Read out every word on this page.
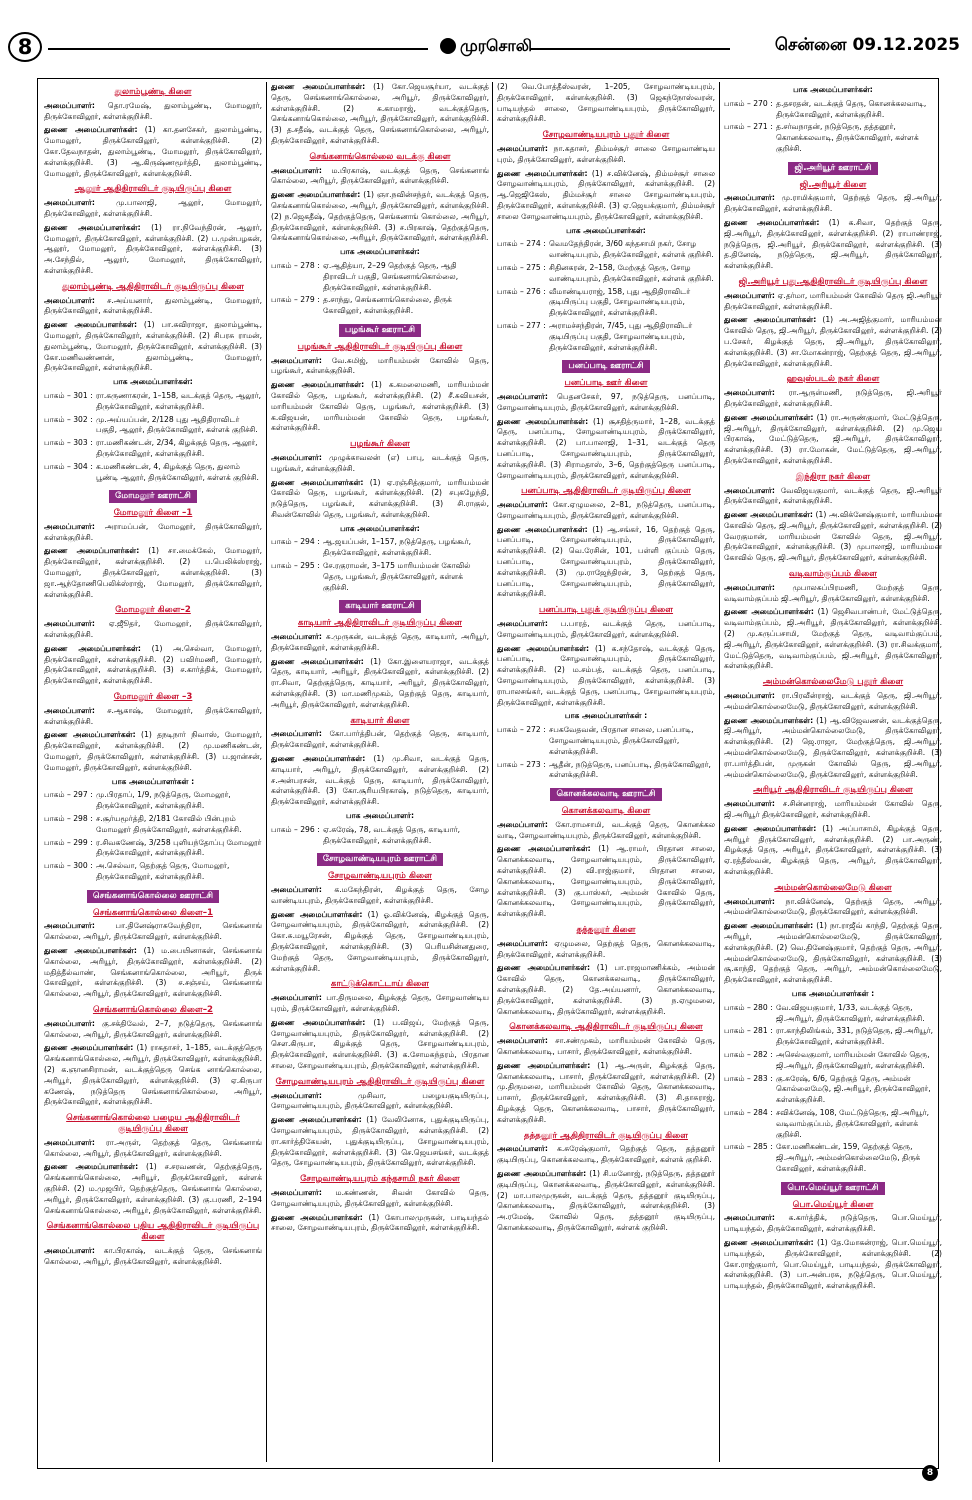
8	முரசொலி	சென்னை 09.12.2025
துலாம்பூண்டி கிளை
அமைப்பாளர்: தொ.ரமேஷ், துலாம்பூண்டி, மோமலூர், திருக்கோவிலூர், கள்ளக்குறிச்சி.
துணை அமைப்பாளர்கள்: (1) கா.தனசேகர், துலாம்பூண்டி, மோமலூர், திருக்கோவிலூர், கள்ளக்குறிச்சி. (2) கோ.தேவநாதன், துலாம்பூண்டி, மோமலூர், திருக்கோவிலூர், கள்ளக்குறிச்சி. (3) ஆ.கிருஷ்ணமூர்த்தி, துலாம்பூண்டி, மோமலூர், திருக்கோவிலூர், கள்ளக்குறிச்சி.
ஆலூர் ஆதிதிராவிடர் குடியிருப்பு கிளை
அமைப்பாளர்: மு.பாலாஜி, ஆலூர், மோமலூர், திருக்கோவிலூர், கள்ளக்குறிச்சி.
துணை அமைப்பாளர்கள்: (1) ரா.நிவேந்திரன், ஆலூர், மோமலூர், திருக்கோவிலூர், கள்ளக்குறிச்சி. (2) ப.முன்பழகன், ஆலூர், மோமலூர், திருக்கோவிலூர், கள்ளக்குறிச்சி. (3) அ.சேந்தில், ஆலூர், மோமலூர், திருக்கோவிலூர், கள்ளக்குறிச்சி.
துலாம்பூண்டி ஆதிதிராவிடர் குடியிருப்பு கிளை
அமைப்பாளர்: ச.அய்யனார், துலாம்பூண்டி, மோமலூர், திருக்கோவிலூர், கள்ளக்குறிச்சி.
துணை அமைப்பாளர்கள்: (1) பா.சுவிராஜா, துலாம்பூண்டி, மோமலூர், திருக்கோவிலூர், கள்ளக்குறிச்சி. (2) சிபரசு ராமன், துலாம்பூண்டி, மோமலூர், திருக்கோவிலூர், கள்ளக்குறிச்சி. (3) கோ.மணிவண்ணன், துலாம்பூண்டி, மோமலூர், திருக்கோவிலூர், கள்ளக்குறிச்சி.
பாக அமைப்பாளர்கள்:
பாகம் – 301 : ரா.கருணாகரன், 1–158, வடக்குத் தெரு, ஆலூர், திருக்கோவிலூர், கள்ளக்குறிச்சி.
பாகம் – 302 : மு.அய்யப்பன், 2/128 புது ஆதிதிராவிடர் பகுதி, ஆலூர், திருக்கோவிலூர், கள்ளக் குறிச்சி.
பாகம் – 303 : ரா.மணிகண்டன், 2/34, கிழக்குத் தெரு, ஆலூர், திருக்கோவிலூர், கள்ளக்குறிச்சி.
பாகம் – 304 : க.மணிகண்டன், 4, கிழக்குத் தெரு, துலாம் பூண்டி ஆலூர், திருக்கோவிலூர், கள்ளக் குறிச்சி.
மோமலூர் ஊராட்சி
மோமலூர் கிளை –1
அமைப்பாளர்: அராமப்பன், மோமலூர், திருக்கோவிலூர், கள்ளக்குறிச்சி.
துணை அமைப்பாளர்கள்: (1) சா.மைக்கேல், மோமலூர், திருக்கோவிலூர், கள்ளக்குறிச்சி. (2) ப.பெலிக்ஸ்ராஜ், மோமலூர், திருக்கோவிலூர், கள்ளக்குறிச்சி. (3) ஜா.ஆந்தோணிபெலிக்ஸ்ராஜ், மோமலூர், திருக்கோவிலூர், கள்ளக்குறிச்சி.
மோமலூர் கிளை–2
அமைப்பாளர்: ஏ.ஜூீதர், மோமலூர், திருக்கோவிலூர், கள்ளக்குறிச்சி.
துணை அமைப்பாளர்கள்: (1) அ.செல்வா, மோமலூர், திருக்கோவிலூர், கள்ளக்குறிச்சி. (2) பவிர்மணி, மோமலூர், திருக்கோவிலூர், கள்ளக்குறிச்சி. (3) ச.கார்த்திக், மோமலூர், திருக்கோவிலூர், கள்ளக்குறிச்சி.
மோமலூர் கிளை –3
அமைப்பாளர்: ச.ஆகாஷ், மோமலூர், திருக்கோவிலூர், கள்ளக்குறிச்சி.
துணை அமைப்பாளர்கள்: (1) தநடிநார் நிவாஸ், மோமலூர், திருக்கோவிலூர், கள்ளக்குறிச்சி. (2) மு.மணிகண்டன், மோமலூர், திருக்கோவிலூர், கள்ளக்குறிச்சி. (3) ப.ஜான்சன், மோமலூர், திருக்கோவிலூர், கள்ளக்குறிச்சி.
பாக அமைப்பாளர்கள் :
பாகம் – 297 : மு.பிரதாப், 1/9, நடுத்தெரு, மோமலூர், திருக்கோவிலூர், கள்ளக்குறிச்சி.
பாகம் – 298 : ச.சூர்யமூர்த்தி, 2/181 கோவில் பின்புறம் மோமலூர் திருக்கோவிலூர், கள்ளக்குறிச்சி.
பாகம் – 299 : ர.சிவகணேஷ், 3/258 புளியந்தோப்பு மோமலூர் திருக்கோவிலூர், கள்ளக்குறிச்சி.
பாகம் – 300 : அ.செல்வா, தெற்குத் தெரு, மோமலூர், திருக்கோவிலூர், கள்ளக்குறிச்சி.
செங்கனாங்கொல்லை ஊராட்சி
செங்கனாங்கொல்லை கிளை–1
அமைப்பாளர்: பா.தினேஷ்ராசுவேந்திரா, செங்கனாங் கொல்லை, அரியூர், திருக்கோவிலூர், கள்ளக்குறிச்சி.
துணை அமைப்பாளர்கள்: (1) ம.பையினாகள், செங்கனாங் கொல்லை, அரியூர், திருக்கோவிலூர், கள்ளக்குறிச்சி. (2) மதித்தீல்வாண், செங்கனாங்கொல்லை, அரியூர், திருக் கோவிலூர், கள்ளக்குறிச்சி. (3) ச.சஞ்சய், செங்கனாங் கொல்லை, அரியூர், திருக்கோவிலூர், கள்ளக்குறிச்சி.
செங்கனாங்கொல்லை கிளை–2
அமைப்பாளர்: கு.சக்திவேல், 2–7, நடுத்தெரு, செங்கனாங் கொல்லை, அரியூர், திருக்கோவிலூர், கள்ளக்குறிச்சி.
துணை அமைப்பாளர்கள்: (1) ராகதாசர், 1–185, வடக்குத்தெரு செங்கனாங்கொல்லை, அரியூர், திருக்கோவிலூர், கள்ளக்குறிச்சி. (2) க.ஞானசிராமன், வடக்குத்தெரு செங்க னாங்கொல்லை, அரியூர், திருக்கோவிலூர், கள்ளக்குறிச்சி. (3) ஏ.கிருபா கணேஷ், நடுத்தெரு செங்கனாங்கொல்லை, அரியூர், திருக்கோவிலூர், கள்ளக்குறிச்சி.
செங்கனாங்கொல்லை பழைய ஆதிதிராவிடர் குடியிருப்பு கிளை
அமைப்பாளர்: ரா.அருள், தெற்குத் தெரு, செங்கனாங் கொல்லை, அரியூர், திருக்கோவிலூர், கள்ளக்குறிச்சி.
துணை அமைப்பாளர்கள்: (1) ச.சரவணன், தெற்குத்தெரு, செங்கனாங்கொல்லை, அரியூர், திருக்கோவிலூர், கள்ளக் குறிச்சி. (2) ம.முஜபிர், தெற்குத்தெரு, செங்கனாங் கொல்லை, அரியூர், திருக்கோவிலூர், கள்ளக்குறிச்சி. (3) கு.பரணி, 2–194 செங்கனாங்கொல்லை, அரியூர், திருக்கோவிலூர், கள்ளக்குறிச்சி.
செங்கனாங்கொல்லை புதிய ஆதிதிராவிடர் குடியிருப்பு கிளை
அமைப்பாளர்: கா.பிரகாஷ், வடக்குத் தெரு, செங்கனாங் கொல்லை, அரியூர், திருக்கோவிலூர், கள்ளக்குறிச்சி.
துணை அமைப்பாளர்கள்: (1) கோ.ஜெயசூர்யா, வடக்குத் தெரு, செங்கனாங்கொல்லை, அரியூர், திருக்கோவிலூர், கள்ளக்குறிச்சி. (2) சு.காமராஜ், வடக்குத்தெரு, செங்கனாங்கொல்லை, அரியூர், திருக்கோவிலூர், கள்ளக்குறிச்சி. (3) த.சதீஷ், வடக்குத் தெரு, செங்கனாங்கொல்லை, அரியூர், திருக்கோவிலூர், கள்ளக்குறிச்சி.
செங்கனாங்கொல்லை வடக்கு கிளை
அமைப்பாளர்: ம.பிரகாஷ், வடக்குத் தெரு, செங்கனாங் கொல்லை, அரியூர், திருக்கோவிலூர், கள்ளக்குறிச்சி.
துணை அமைப்பாளர்கள்: (1) ஞா.நவின்சந்தர், வடக்குத் தெரு, செங்கனாங்கொல்லை, அரியூர், திருக்கோவிலூர், கள்ளக்குறிச்சி. (2) ந.ஜெகதீஷ், தெற்குத்தெரு, செங்கனாங் கொல்லை, அரியூர், திருக்கோவிலூர், கள்ளக்குறிச்சி. (3) ச.பிரகாஷ், தெற்குத்தெரு, செங்கனாங்கொல்லை, அரியூர், திருக்கோவிலூர், கள்ளக்குறிச்சி.
பாக அமைப்பாளர்கள்:
பாகம் – 278 : ஏ.ஆதித்யா, 2–29 தெற்குத் தெரு, ஆதி திராவிடர் பகுதி, செங்கனாங்கொல்லை, திருக்கோவிலூர், கள்ளக்குறிச்சி.
பாகம் – 279 : த.சாந்து, செங்கனாங்கொல்லை, திருக் கோவிலூர், கள்ளக்குறிச்சி.
பழங்கூர் ஊராட்சி
பழங்கூர் ஆதிதிராவிடர் குடியிருப்பு கிளை
அமைப்பாளர்: வே.சுமிஜ், மாரியம்மன் கோவில் தெரு, பழங்கூர், கள்ளக்குறிச்சி.
துணை அமைப்பாளர்கள்: (1) க.கமலைமணி, மாரியம்மன் கோவில் தெரு, பழங்கூர், கள்ளக்குறிச்சி. (2) சீ.சுவியசன், மாரியம்மன் கோவில் தெரு, பழங்கூர், கள்ளக்குறிச்சி. (3) க.விஜயன், மாரியம்மன் கோவில் தெரு, பழங்கூர், கள்ளக்குறிச்சி.
பழங்கூர் கிளை
அமைப்பாளர்: முழுக்காவலன் (எ) பாபு, வடக்குத் தெரு, பழங்கூர், கள்ளக்குறிச்சி.
துணை அமைப்பாளர்கள்: (1) ஏ.ரஞ்சித்குமார், மாரியம்மன் கோவில் தெரு, பழங்கூர், கள்ளக்குறிச்சி. (2) சபுகழேந்தி, நடுத்தெரு, பழங்கூர், கள்ளக்குறிச்சி. (3) சி.ராகுல், சிவன்கோவில் தெரு, பழங்கூர், கள்ளக்குறிச்சி.
பாக அமைப்பாளர்கள்:
பாகம் – 294 : ஆ.ஜயப்பன், 1–157, நடுத்தெரு, பழங்கூர், திருக்கோவிலூர், கள்ளக்குறிச்சி.
பாகம் – 295 : சே.ரகுராமன், 3–175 மாரியம்மன் கோவில் தெரு, பழங்கூர், திருக்கோவிலூர், கள்ளக் குறிச்சி.
காடியார் ஊராட்சி
காடியார் ஆதிதிராவிடர் குடியிருப்பு கிளை
அமைப்பாளர்: சு.முருகன், வடக்குத் தெரு, காடியார், அரியூர், திருக்கோவிலூர், கள்ளக்குறிச்சி.
துணை அமைப்பாளர்கள்: (1) கோ.இளையராஜா, வடக்குத் தெரு, காடியார், அரியூர், திருக்கோவிலூர், கள்ளக்குறிச்சி. (2) ரா.சிவா, தெற்குத்தெரு, காடியார், அரியூர், திருக்கோவிலூர், கள்ளக்குறிச்சி. (3) மா.மணிமுகம், தெற்குத் தெரு, காடியார், அரியூர், திருக்கோவிலூர், கள்ளக்குறிச்சி.
காடியார் கிளை
அமைப்பாளர்: கோ.பார்த்திபன், தெற்குத் தெரு, காடியார், திருக்கோவிலூர், கள்ளக்குறிச்சி.
துணை அமைப்பாளர்கள்: (1) மு.சிவா, வடக்குத் தெரு, காடியார், அரியூர், திருக்கோவிலூர், கள்ளக்குறிச்சி. (2) ச.அன்பரசன், வடக்குத் தெரு, காடியார், திருக்கோவிலூர், கள்ளக்குறிச்சி. (3) கோ.சூரியபிரகாஷ், நடுத்தெரு, காடியார், திருக்கோவிலூர், கள்ளக்குறிச்சி.
பாக அமைப்பாளர்:
பாகம் – 296 : ஏ.சுரேஷ், 78, வடக்குத் தெரு, காடியார், திருக்கோவிலூர், கள்ளக்குறிச்சி.
சோழவாண்டியபுரம் ஊராட்சி
சோழவாண்டியபுரம் கிளை
அமைப்பாளர்: க.மகேந்திரன், கிழக்குத் தெரு, சோழ வாண்டியபுரம், திருக்கோவிலூர், கள்ளக்குறிச்சி.
துணை அமைப்பாளர்கள்: (1) ஓ.விக்னேஷ், கிழக்குத் தெரு, சோழவாண்டியபுரம், திருக்கோவிலூர், கள்ளக்குறிச்சி. (2) கோ.சு.மயூரேசன், கிழக்குத் தெரு, சோழவாண்டியபுரம், திருக்கோவிலூர், கள்ளக்குறிச்சி. (3) பெரியசின்னதுரை, மேற்குத் தெரு, சோழவாண்டியபுரம், திருக்கோவிலூர், கள்ளக்குறிச்சி.
காட்டுக்கொட்டாய் கிளை
அமைப்பாளர்: பா.திருமலை, கிழக்குத் தெரு, சோழவாண்டிய புரம், திருக்கோவிலூர், கள்ளக்குறிச்சி.
துணை அமைப்பாளர்கள்: (1) ப.விஜய், மேற்குத் தெரு, சோழவாண்டியபுரம், திருக்கோவிலூர், கள்ளக்குறிச்சி. (2) செள.கிருபா, கிழக்குத் தெரு, சோழவாண்டியபுரம், திருக்கோவிலூர், கள்ளக்குறிச்சி. (3) க.சோமசுந்தரம், பிரதான சாலை, சோழவாண்டியபுரம், திருக்கோவிலூர், கள்ளக்குறிச்சி.
சோழவாண்டியபுரம் ஆதிதிராவிடர் குடியிருப்பு கிளை
அமைப்பாளர்: முசிவா, பழையகுடியிருப்பு, சோழவாண்டியபுரம், திருக்கோவிலூர், கள்ளக்குறிச்சி.
துணை அமைப்பாளர்கள்: (1) வேலினோசு, புதுக்குடியிருப்பு, சோழவாண்டியபுரம், திருக்கோவிலூர், கள்ளக்குறிச்சி. (2) ரா.கார்த்திகேயன், புதுக்குடியிருப்பு, சோழவாண்டியபுரம், திருக்கோவிலூர், கள்ளக்குறிச்சி. (3) செ.ஜெயசங்கர், வடக்குத் தெரு, சோழவாண்டியபுரம், திருக்கோவிலூர், கள்ளக்குறிச்சி.
சோழவாண்டியபுரம் கந்தசாமி நகர் கிளை
அமைப்பாளர்: ம.கண்ணன், சிவன் கோவில் தெரு, சோழவாண்டியபுரம், திருக்கோவிலூர், கள்ளக்குறிச்சி.
துணை அமைப்பாளர்கள்: (1) கோபாலமுருகன், பாடியந்தல் சாலை, சோழவாண்டியபுரம், திருக்கோவிலூர், கள்ளக்குறிச்சி.
(2) வெ.போத்தீஸ்வரன், 1–205, சோழவாண்டியபுரம், திருக்கோவிலூர், கள்ளக்குறிச்சி. (3) ஜெகந்நோஸ்வரன், பாடியந்தல் சாலை, சோழவாண்டியபுரம், திருக்கோவிலூர், கள்ளக்குறிச்சி.
சோழவாண்டியபுரம் புதூர் கிளை
அமைப்பாளர்: நா.கதாசர், திம்மச்சூர் சாலை சோழவாண்டிய புரம், திருக்கோவிலூர், கள்ளக்குறிச்சி.
துணை அமைப்பாளர்கள்: (1) ச.விக்னேஷ், திம்மச்சூர் சாலை சோழவாண்டியபுரம், திருக்கோவிலூர், கள்ளக்குறிச்சி. (2) ஆ.ஜெஜிகேஸ், திம்மச்சூர் சாலை சோழவாண்டியபுரம், திருக்கோவிலூர், கள்ளக்குறிச்சி. (3) ஏ.ஜெயக்குமார், திம்மச்சூர் சாலை சோழவாண்டியபுரம், திருக்கோவிலூர், கள்ளக்குறிச்சி.
பாக அமைப்பாளர்கள்:
பாகம் – 274 : வெமதேந்திரன், 3/60 கந்தசாமி நகர், சோழ வாண்டியபுரம், திருக்கோவிலூர், கள்ளக் குறிச்சி.
பாகம் – 275 : சிதினகரன், 2–158, மேற்குத் தெரு, சோழ வாண்டியபுரம், திருக்கோவிலூர், கள்ளக் குறிச்சி.
பாகம் – 276 : வீமாண்டியராஜ், 158, புது ஆதிதிராவிடர் குடியிருப்பு பகுதி, சோழவாண்டியபுரம், திருக்கோவிலூர், கள்ளக்குறிச்சி.
பாகம் – 277 : அராமச்சந்திரன், 7/45, புது ஆதிதிராவிடர் குடியிருப்பு பகுதி, சோழவாண்டியபுரம், திருக்கோவிலூர், கள்ளக்குறிச்சி.
பனப்பாடி ஊராட்சி
பனப்பாடி ஊர் கிளை
அமைப்பாளர்: பெதனசேகர், 97, நடுத்தெரு, பனப்பாடி, சோழவாண்டியபுரம், திருக்கோவிலூர், கள்ளக்குறிச்சி.
துணை அமைப்பாளர்கள்: (1) சூசதித்ருமார், 1–28, வடக்குத் தெரு, பனப்பாடி, சோழவாண்டியபுரம், திருக்கோவிலூர், கள்ளக்குறிச்சி. (2) பா.பாலாஜி, 1–31, வடக்குத் தெரு பனப்பாடி, சோழவாண்டியபுரம், திருக்கோவிலூர், கள்ளக்குறிச்சி. (3) சிராமதாஸ், 3–6, தெற்குத்தெரு பனப்பாடி, சோழவாண்டியபுரம், திருக்கோவிலூர், கள்ளக்குறிச்சி.
பனப்பாடி ஆதிதிராவிடர் குடியிருப்பு கிளை
அமைப்பாளர்: கோ.ஏழுமலை, 2–81, நடுத்தெரு, பனப்பாடி, சோழவாண்டியபுரம், திருக்கோவிலூர், கள்ளக்குறிச்சி.
துணை அமைப்பாளர்கள்: (1) ஆ.சங்கர், 16, தெற்குத் தெரு, பனப்பாடி, சோழவாண்டியபுரம், திருக்கோவிலூர், கள்ளக்குறிச்சி. (2) வெ.ரேசின், 101, பள்ளி குப்பம் தெரு, பனப்பாடி, சோழவாண்டியபுரம், திருக்கோவிலூர், கள்ளக்குறிச்சி. (3) மு.ராஜேந்திரன், 3, தெற்குத் தெரு, பனப்பாடி, சோழவாண்டியபுரம், திருக்கோவிலூர், கள்ளக்குறிச்சி.
பனப்பாடி புதுக் குடியிருப்பு கிளை
அமைப்பாளர்: ப.பாரத், வடக்குத் தெரு, பனப்பாடி, சோழவாண்டியபுரம், திருக்கோவிலூர், கள்ளக்குறிச்சி.
துணை அமைப்பாளர்கள்: (1) க.சந்தோஷ், வடக்குத் தெரு, பனப்பாடி, சோழவாண்டியபுரம், திருக்கோவிலூர், கள்ளக்குறிச்சி. (2) ம.சம்பத், வடக்குத் தெரு, பனப்பாடி, சோழவாண்டியபுரம், திருக்கோவிலூர், கள்ளக்குறிச்சி. (3) ராபாலசங்கர், வடக்குத் தெரு, பனப்பாடி, சோழவாண்டியபுரம், திருக்கோவிலூர், கள்ளக்குறிச்சி.
பாக அமைப்பாளர்கள் :
பாகம் – 272 : சபகவேதவன், பிரதான சாலை, பனப்பாடி, சோழவாண்டியபுரம், திருக்கோவிலூர், கள்ளக்குறிச்சி.
பாகம் – 273 : ஆதீன், நடுத்தெரு, பனப்பாடி, திருக்கோவிலூர், கள்ளக்குறிச்சி.
கொனக்கலவாடி ஊராட்சி
கொனக்கலவாடி கிளை
அமைப்பாளர்: கோ.ராமசாமி, வடக்குத் தெரு, கொனக்கல வாடி, சோழவாண்டியபுரம், திருக்கோவிலூர், கள்ளக்குறிச்சி.
துணை அமைப்பாளர்கள்: (1) ஆ.ராமர், பிரதான சாலை, கொனக்கலவாடி, சோழவாண்டியபுரம், திருக்கோவிலூர், கள்ளக்குறிச்சி. (2) வி.ராஜ்குமார், பிரதான சாலை, கொனக்கலவாடி, சோழவாண்டியபுரம், திருக்கோவிலூர், கள்ளக்குறிச்சி. (3) கு.பாஸ்கர், அம்மன் கோவில் தெரு, கொனக்கலவாடி, சோழவாண்டியபுரம், திருக்கோவிலூர், கள்ளக்குறிச்சி.
தத்தனூர் கிளை
அமைப்பாளர்: ஏழுமலை, தெற்குத் தெரு, கொனக்கலவாடி, திருக்கோவிலூர், கள்ளக்குறிச்சி.
துணை அமைப்பாளர்கள்: (1) பா.ராஜமாணிக்கம், அம்மன் கோவில் தெரு, கொனக்கலவாடி, திருக்கோவிலூர், கள்ளக்குறிச்சி. (2) தே.அய்யனார், கொனக்கலவாடி, திருக்கோவிலூர், கள்ளக்குறிச்சி. (3) ந.ஏழுமலை, கொனக்கலவாடி, திருக்கோவிலூர், கள்ளக்குறிச்சி.
கொனக்கலவாடி ஆதிதிராவிடர் குடியிருப்பு கிளை
அமைப்பாளர்: சா.சண்முகம், மாரியம்மன் கோவில் தெரு, கொனக்கலவாடி, பாசார், திருக்கோவிலூர், கள்ளக்குறிச்சி.
துணை அமைப்பாளர்கள்: (1) ஆ.அருள், கிழக்குத் தெரு, கொனக்கலவாடி, பாசார், திருக்கோவிலூர், கள்ளக்குறிச்சி. (2) மு.திருமலை, மாரியம்மன் கோவில் தெரு, கொனக்கலவாடி, பாசார், திருக்கோவிலூர், கள்ளக்குறிச்சி. (3) சி.தாசுராஜ், கிழக்குத் தெரு, கொனக்கலவாடி, பாசார், திருக்கோவிலூர், கள்ளக்குறிச்சி.
தத்தனூர் ஆதிதிராவிடர் குடியிருப்பு கிளை
அமைப்பாளர்: க.சுரேஷ்குமார், தெற்குத் தெரு, தத்தனூர் குடியிருப்பு, கொனக்கலவாடி, திருக்கோவிலூர், கள்ளக் குறிச்சி.
துணை அமைப்பாளர்கள்: (1) சி.மனோஜ், நடுத்தெரு, தத்தனூர் குடியிருப்பு, கொனக்கலவாடி, திருக்கோவிலூர், கள்ளக்குறிச்சி. (2) மா.பாலமுருகன், வடக்குத் தெரு, தத்தனூர் குடியிருப்பு, கொனக்கலவாடி, திருக்கோவிலூர், கள்ளக்குறிச்சி. (3) அ.ரமேஷ், கோவில் தெரு, தத்தனூர் குடியிருப்பு, கொனக்கலவாடி, திருக்கோவிலூர், கள்ளக் குறிச்சி.
பாக அமைப்பாளர்கள்:
பாகம் – 270 : த.தசரதன், வடக்குத் தெரு, கொனக்கலவாடி, திருக்கோவிலூர், கள்ளக்குறிச்சி.
பாகம் – 271 : த.சர்வநாதன், நடுத்தெரு, தத்தனூர், கொனக்கலவாடி, திருக்கோவிலூர், கள்ளக் குறிச்சி.
ஜி.அரியூர் ஊராட்சி
ஜி.அரியூர் கிளை
அமைப்பாளர்: மு.ராமிக்குமார், தெற்குத் தெரு, ஜி.அரியூர், திருக்கோவிலூர், கள்ளக்குறிச்சி.
துணை அமைப்பாளர்கள்: (1) க.சிவா, தெற்குத் தெரு, ஜி.அரியூர், திருக்கோவிலூர், கள்ளக்குறிச்சி. (2) ராபாண்ராஜ், நடுத்தெரு, ஜி.அரியூர், திருக்கோவிலூர், கள்ளக்குறிச்சி. (3) த.தினேஷ், நடுத்தெரு, ஜி.அரியூர், திருக்கோவிலூர், கள்ளக்குறிச்சி.
ஜி.அரியூர் புது.ஆதிதிராவிடர் குடியிருப்பு கிளை
அமைப்பாளர்: ஏ.தர்மா, மாரியம்மன் கோவில் தெரு ஜி.அரியூர் திருக்கோவிலூர், கள்ளக்குறிச்சி.
துணை அமைப்பாளர்கள்: (1) அ.அஜித்குமார், மாரியம்மன் கோவில் தெரு, ஜி.அரியூர், திருக்கோவிலூர், கள்ளக்குறிச்சி. (2) ப.சேகர், கிழக்குத் தெரு, ஜி.அரியூர், திருக்கோவிலூர், கள்ளக்குறிச்சி. (3) சா.மோகன்ராஜ், தெற்குத் தெரு, ஜி.அரியூர், திருக்கோவிலூர், கள்ளக்குறிச்சி.
ஹவுஸ்படல் நகர் கிளை
அமைப்பாளர்: ரா.ஆருள்மணி, நடுத்தெரு, ஜி.அரியூர் திருக்கோவிலூர், கள்ளக்குறிச்சி.
துணை அமைப்பாளர்கள்: (1) ரா.அருண்குமார், மேட்டுத்தெரு, ஜி.அரியூர், திருக்கோவிலூர், கள்ளக்குறிச்சி. (2) மு.ஜெய பிரகாஷ், மேட்டுத்தெரு, ஜி.அரியூர், திருக்கோவிலூர், கள்ளக்குறிச்சி. (3) ரா.மோகன், மேட்டுத்தெரு, ஜி.அரியூர், திருக்கோவிலூர், கள்ளக்குறிச்சி.
இந்திரா நகர் கிளை
அமைப்பாளர்: வேவிஜயகுமார், வடக்குத் தெரு, ஜி.அரியூர் திருக்கோவிலூர், கள்ளக்குறிச்சி.
துணை அமைப்பாளர்கள்: (1) அ.விக்னேஷ்குமார், மாரியம்மன் கோவில் தெரு, ஜி.அரியூர், திருக்கோவிலூர், கள்ளக்குறிச்சி. (2) வேரகுமான், மாரியம்மன் கோவில் தெரு, ஜி.அரியூர், திருக்கோவிலூர், கள்ளக்குறிச்சி. (3) முபாலாஜி, மாரியம்மன் கோவில் தெரு, ஜி.அரியூர், திருக்கோவிலூர், கள்ளக்குறிச்சி.
வடிவாம்குப்பம் கிளை
அமைப்பாளர்: முபாலசுப்பிரமணி, மேற்குத் தெரு, வடிவாம்குப்பம் ஜி.அரியூர், திருக்கோவிலூர், கள்ளக்குறிச்சி.
துணை அமைப்பாளர்கள்: (1) ஜெசிவபாண்பர், மேட்டுத்தெரு, வடிவாம்குப்பம், ஜி.அரியூர், திருக்கோவிலூர், கள்ளக்குறிச்சி. (2) மு.கருப்பசாமி, மேற்குத் தெரு, வடிவாம்குப்பம், ஜி.அரியூர், திருக்கோவிலூர், கள்ளக்குறிச்சி. (3) ரா.சிவக்குமார், மேட்டுத்தெரு, வடிவாம்குப்பம், ஜி.அரியூர், திருக்கோவிலூர், கள்ளக்குறிச்சி.
அம்மன்கொல்லைமேடு புதூர் கிளை
அமைப்பாளர்: ரா.பிரவீன்ராஜ், வடக்குத் தெரு, ஜி.அரியூர், அம்மன்கொல்லைமேடு, திருக்கோவிலூர், கள்ளக்குறிச்சி.
துணை அமைப்பாளர்கள்: (1) ஆ.விஜேவணன், வடக்குத்தெரு, ஜி.அரியூர், அம்மன்கொல்லைமேடு, திருக்கோவிலூர், கள்ளக்குறிச்சி. (2) ஜெ.ராஜா, மேற்குத்தெரு, ஜி.அரியூர், அம்மன்கொல்லைமேடு, திருக்கோவிலூர், கள்ளக்குறிச்சி. (3) ரா.பார்த்திபன், முருகன் கோவில் தெரு, ஜி.அரியூர், அம்மன்கொல்லைமேடு, திருக்கோவிலூர், கள்ளக்குறிச்சி.
அரியூர் ஆதிதிராவிடர் குடியிருப்பு கிளை
அமைப்பாளர்: ச.சின்னராஜ், மாரியம்மன் கோவில் தெரு, ஜி.அரியூர் திருக்கோவிலூர், கள்ளக்குறிச்சி.
துணை அமைப்பாளர்கள்: (1) அப்பாசாமி, கிழக்குத் தெரு, அரியூர் திருக்கோவிலூர், கள்ளக்குறிச்சி. (2) பா.அருண், கிழக்குத் தெரு, அரியூர், திருக்கோவிலூர், கள்ளக்குறிச்சி. (3) ஏ.ரத்தீஸ்வன், கிழக்குத் தெரு, அரியூர், திருக்கோவிலூர், கள்ளக்குறிச்சி.
அம்மன்கொல்லைமேடு கிளை
அமைப்பாளர்: நா.விக்னேஷ், தெற்குத் தெரு, அரியூர், அம்மன்கொல்லைமேடு, திருக்கோவிலூர், கள்ளக்குறிச்சி.
துணை அமைப்பாளர்கள்: (1) நா.ராஜீவ் காந்தி, தெற்குத் தெரு, அரியூர், அம்மன்கொல்லைமேடு, திருக்கோவிலூர், கள்ளக்குறிச்சி. (2) வெ.தினேஷ்குமார், தெற்குத் தெரு, அரியூர், அம்மன்கொல்லைமேடு, திருக்கோவிலூர், கள்ளக்குறிச்சி. (3) சூ.காந்தி, தெற்குத் தெரு, அரியூர், அம்மன்கொல்லைமேடு, திருக்கோவிலூர், கள்ளக்குறிச்சி.
பாக அமைப்பாளர்கள் :
பாகம் – 280 : வே.விஜயகுமார், 1/33, வடக்குத் தெரு, ஜி.அரியூர், திருக்கோவிலூர், கள்ளக்குறிச்சி.
பாகம் – 281 : ரா.காந்திலிங்கம், 331, நடுத்தெரு, ஜி.அரியூர், திருக்கோவிலூர், கள்ளக்குறிச்சி.
பாகம் – 282 : அசெல்வகுமார், மாரியம்மன் கோவில் தெரு, ஜி.அரியூர், திருக்கோவிலூர், கள்ளக்குறிச்சி.
பாகம் – 283 : கு.சுரேஷ், 6/6, தெற்குத் தெரு, அம்மன் கொல்லைமேடு, ஜி.அரியூர், திருக்கோவிலூர், கள்ளக்குறிச்சி.
பாகம் – 284 : சவிக்னேஷ், 108, மேட்டுத்தெரு, ஜி.அரியூர், வடிவாம்குப்பம், திருக்கோவிலூர், கள்ளக் குறிச்சி.
பாகம் – 285 : கோ.மணிகண்டன், 159, தெற்குத் தெரு, ஜி.அரியூர், அம்மன்கொல்லைமேடு, திருக் கோவிலூர், கள்ளக்குறிச்சி.
பொ.மெய்யூர் ஊராட்சி
பொ.மெய்யூர் கிளை
அமைப்பாளர்: க.கார்த்திக், நடுத்தெரு, பொ.மெய்யூர், பாடியந்தல், திருக்கோவிலூர், கள்ளக்குறிச்சி.
துணை அமைப்பாளர்கள்: (1) தே.மோகன்ராஜ், பொ.மெய்யூர், பாடியந்தல், திருக்கோவிலூர், கள்ளக்குறிச்சி. (2) கோ.ராஜ்குமார், பொ.மெய்யூர், பாடியந்தல், திருக்கோவிலூர், கள்ளக்குறிச்சி. (3) பா.அன்பரசு, நடுத்தெரு, பொ.மெய்யூர், பாடியந்தல், திருக்கோவிலூர், கள்ளக்குறிச்சி.
8
